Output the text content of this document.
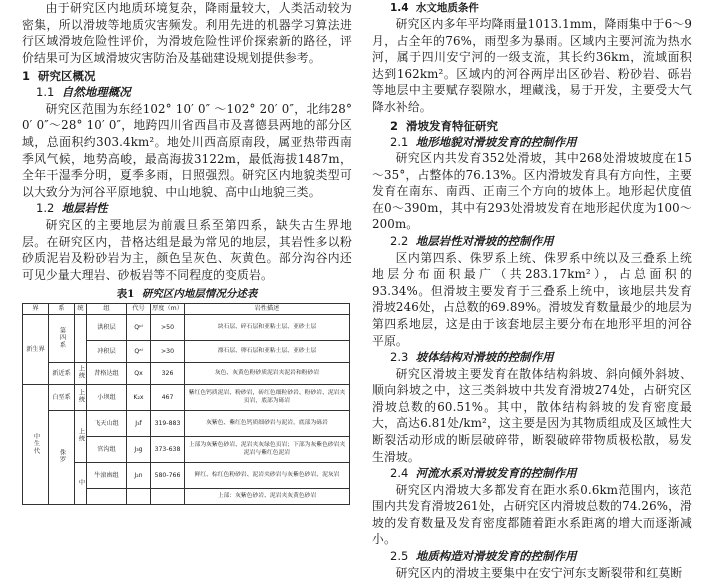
由于研究区内地质环境复杂，降雨量较大，人类活动较为密集，所以滑坡等地质灾害频发。利用先进的机器学习算法进行区域滑坡危险性评价，为滑坡危险性评价探索新的路径，评价结果可为区域滑坡灾害防治及基础建设规划提供参考。

1 研究区概况
1.1 自然地理概况

研究区范围为东经102° 10′ 0″ ～102° 20′ 0″，北纬28° 0′ 0″～28° 10′ 0″，地跨四川省西昌市及喜德县两地的部分区域，总面积约303.4km²。地处川西高原南段，属亚热带西南季风气候，地势高峻，最高海拔3122m，最低海拔1487m，全年干湿季分明，夏季多雨，日照强烈。研究区内地貌类型可以大致分为河谷平原地貌、中山地貌、高中山地貌三类。

1.2 地层岩性

研究区的主要地层为前震旦系至第四系，缺失古生界地层。在研究区内，昔格达组是最为常见的地层，其岩性多以粉砂质泥岩及粉砂岩为主，颜色呈灰色、灰黄色。部分沟谷内还可见少量大理岩、砂板岩等不同程度的变质岩。

表1 研究区内地层情况分述表
界	系	统	组	代号	厚度（m）	岩性描述
新生界	第四系		洪积层	Qᵖˡ	>50	块石层、碎石层和亚粘土层、亚砂土层
			冲积层	Qᵃˡ	>30	漂石层、卵石层和亚粘土层、亚砂土层
	新近系	上统	昔格达组	Qx	326	灰色、灰黄色粉砂质泥岩夹泥岩和粉砂岩
中生代	白垩系	上统	小坝组	K₂x	467	紫红色钙质泥岩、粉砂岩，砖红色细粒砂岩、粉砂岩、泥岩夹页岩，底部为砾岩
	侏罗	上统	飞天山组	J₃f	319-883	灰紫色、紫红色钙质细砂岩与泥岩，底部为砾岩
			官沟组	J₃g	373-638	上部为灰紫色砂岩、泥岩夹灰绿色页岩；下部为灰紫色砂岩夹泥岩与紫红色泥岩
		中	牛滚凼组	J₂n	580-766	鲜红、棕红色粉砂岩、泥岩夹砂岩与灰紫色砂岩、泥灰岩
						上部：灰紫色砂岩、泥岩夹灰黄色砂岩
1.4 水文地质条件

研究区内多年平均降雨量1013.1mm，降雨集中于6～9月，占全年的76%，雨型多为暴雨。区域内主要河流为热水河，属于四川安宁河的一级支流，其长约36km，流域面积达到162km²。区域内的河谷两岸出区砂岩、粉砂岩、砾岩等地层中主要赋存裂隙水，埋藏浅，易于开发，主要受大气降水补给。

2 滑坡发育特征研究
2.1 地形地貌对滑坡发育的控制作用

研究区内共发育352处滑坡，其中268处滑坡坡度在15～35°，占整体的76.13%。区内滑坡发育具有方向性，主要发育在南东、南西、正南三个方向的坡体上。地形起伏度值在0～390m，其中有293处滑坡发育在地形起伏度为100～200m。

2.2 地层岩性对滑坡的控制作用

区内第四系、侏罗系上统、侏罗系中统以及三叠系上统地层分布面积最广（共283.17km²），占总面积的93.34%。但滑坡主要发育于三叠系上统中，该地层共发育滑坡246处，占总数的69.89%。滑坡发育数量最少的地层为第四系地层，这是由于该套地层主要分布在地形平坦的河谷平原。

2.3 坡体结构对滑坡的控制作用

研究区滑坡主要发育在散体结构斜坡、斜向倾外斜坡、顺向斜坡之中，这三类斜坡中共发育滑坡274处，占研究区滑坡总数的60.51%。其中，散体结构斜坡的发育密度最大，高达6.81处/km²，这主要是因为其物质组成及区域性大断裂活动形成的断层破碎带，断裂破碎带物质极松散，易发生滑坡。

2.4 河流水系对滑坡发育的控制作用

研究区内滑坡大多都发育在距水系0.6km范围内，该范围内共发育滑坡261处，占研究区内滑坡总数的74.26%，滑坡的发育数量及发育密度都随着距水系距离的增大而逐渐减小。

2.5 地质构造对滑坡发育的控制作用

研究区内的滑坡主要集中在安宁河东支断裂带和红莫断
